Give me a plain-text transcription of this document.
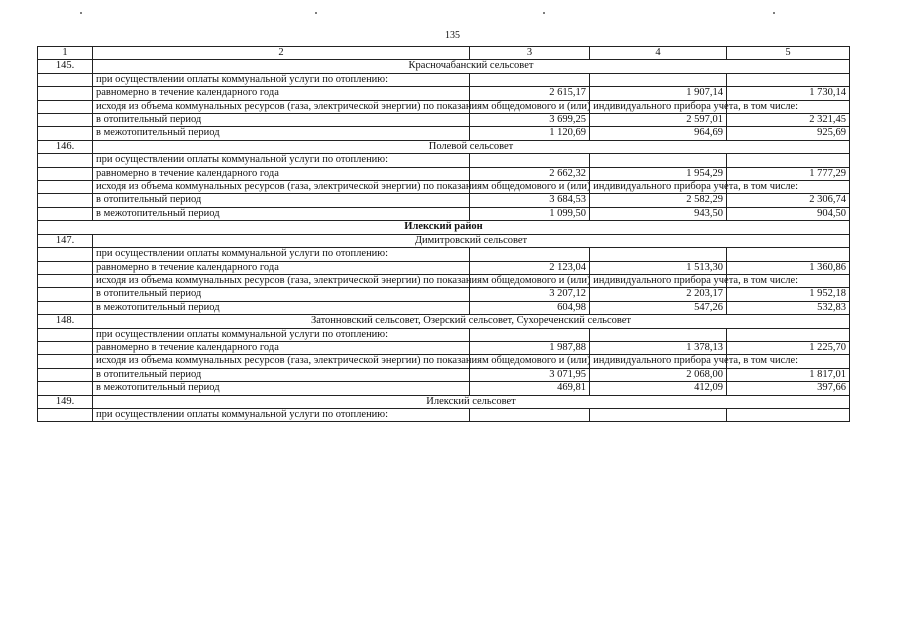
135
1	2	3	4	5
145.	Красночабанский сельсовет			
	при осуществлении оплаты коммунальной услуги по отоплению:			
	равномерно в течение календарного года	2 615,17	1 907,14	1 730,14
	исходя из объема коммунальных ресурсов (газа, электрической энергии) по показаниям общедомового и (или) индивидуального прибора учета, в том числе:			
	в отопительный период	3 699,25	2 597,01	2 321,45
	в межотопительный период	1 120,69	964,69	925,69
146.	Полевой сельсовет			
	при осуществлении оплаты коммунальной услуги по отоплению:			
	равномерно в течение календарного года	2 662,32	1 954,29	1 777,29
	исходя из объема коммунальных ресурсов (газа, электрической энергии) по показаниям общедомового и (или) индивидуального прибора учета, в том числе:			
	в отопительный период	3 684,53	2 582,29	2 306,74
	в межотопительный период	1 099,50	943,50	904,50
Илекский район				
147.	Димитровский сельсовет			
	при осуществлении оплаты коммунальной услуги по отоплению:			
	равномерно в течение календарного года	2 123,04	1 513,30	1 360,86
	исходя из объема коммунальных ресурсов (газа, электрической энергии) по показаниям общедомового и (или) индивидуального прибора учета, в том числе:			
	в отопительный период	3 207,12	2 203,17	1 952,18
	в межотопительный период	604,98	547,26	532,83
148.	Затонновский сельсовет, Озерский сельсовет, Сухореченский сельсовет			
	при осуществлении оплаты коммунальной услуги по отоплению:			
	равномерно в течение календарного года	1 987,88	1 378,13	1 225,70
	исходя из объема коммунальных ресурсов (газа, электрической энергии) по показаниям общедомового и (или) индивидуального прибора учета, в том числе:			
	в отопительный период	3 071,95	2 068,00	1 817,01
	в межотопительный период	469,81	412,09	397,66
149.	Илекский сельсовет			
	при осуществлении оплаты коммунальной услуги по отоплению:			
